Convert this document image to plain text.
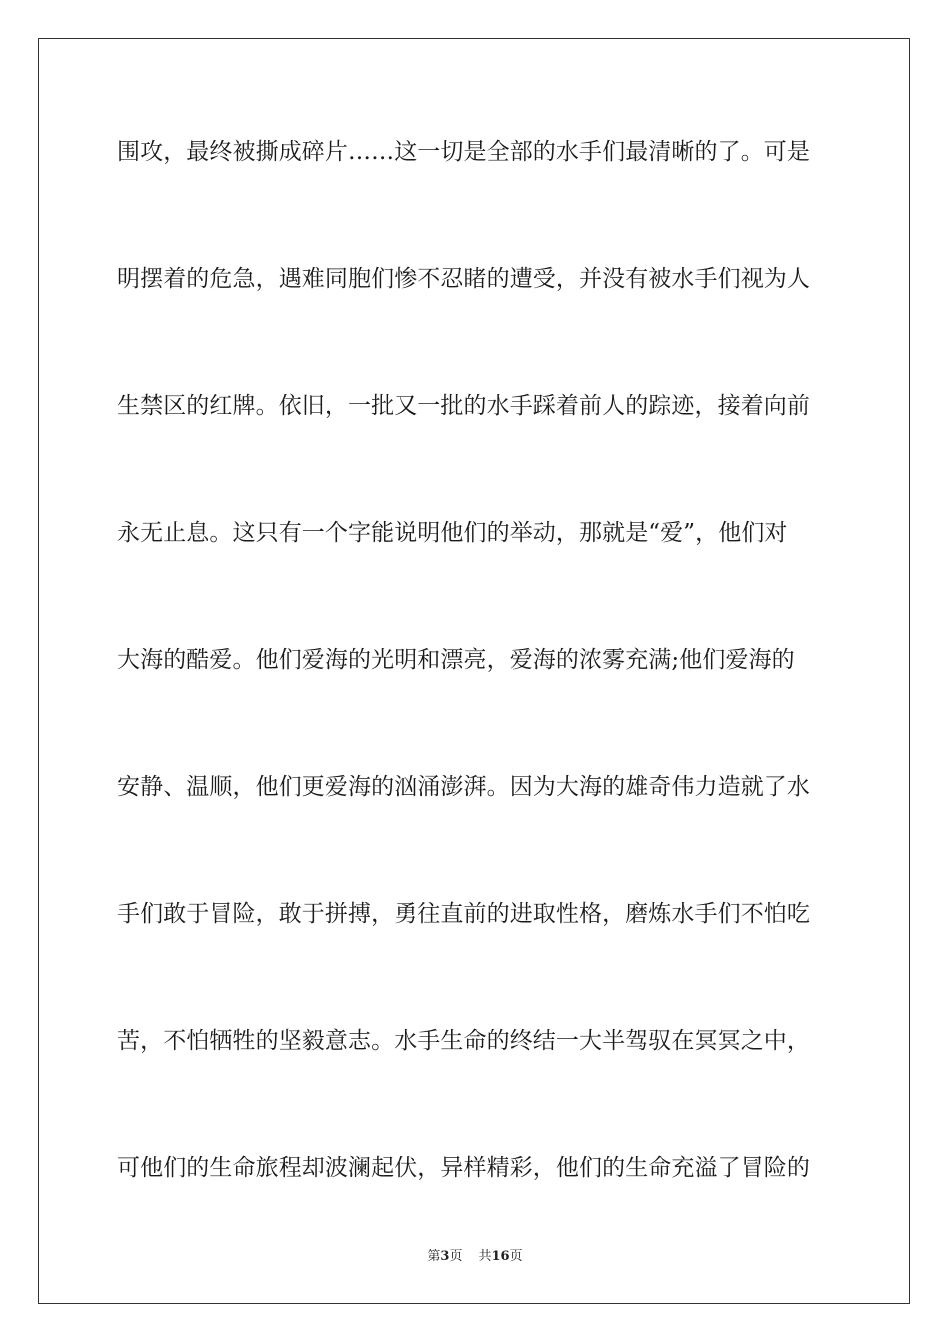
围攻，最终被撕成碎片……这一切是全部的水手们最清晰的了。可是
明摆着的危急，遇难同胞们惨不忍睹的遭受，并没有被水手们视为人
生禁区的红牌。依旧，一批又一批的水手踩着前人的踪迹，接着向前
永无止息。这只有一个字能说明他们的举动，那就是“爱”，他们对
大海的酷爱。他们爱海的光明和漂亮，爱海的浓雾充满;他们爱海的
安静、温顺，他们更爱海的汹涌澎湃。因为大海的雄奇伟力造就了水
手们敢于冒险，敢于拼搏，勇往直前的进取性格，磨炼水手们不怕吃
苦，不怕牺牲的坚毅意志。水手生命的终结一大半驾驭在冥冥之中，
可他们的生命旅程却波澜起伏，异样精彩，他们的生命充溢了冒险的
第3页 共16页
